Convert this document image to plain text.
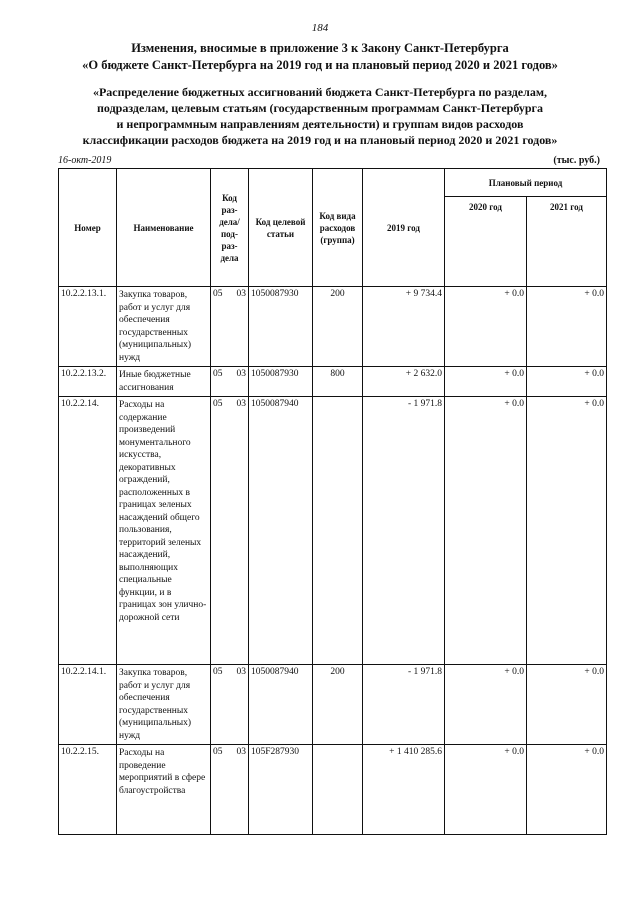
184
Изменения, вносимые в приложение 3 к Закону Санкт-Петербурга
«О бюджете Санкт-Петербурга на 2019 год и на плановый период 2020 и 2021 годов»
«Распределение бюджетных ассигнований бюджета Санкт-Петербурга по разделам,
подразделам, целевым статьям (государственным программам Санкт-Петербурга
и непрограммным направлениям деятельности) и группам видов расходов
классификации расходов бюджета на 2019 год и на плановый период 2020 и 2021 годов»
16-окт-2019	(тыс. руб.)
Номер	Наименование	Код раз- дела/ под- раз- дела	Код целевой статьи	Код вида расходов (группа)	2019 год	Плановый период	
						2020 год	2021 год
10.2.2.13.1.	Закупка товаров, работ и услуг для обеспечения государственных (муниципальных) нужд	05 03	1050087930	200	+ 9 734.4	+ 0.0	+ 0.0
10.2.2.13.2.	Иные бюджетные ассигнования	05 03	1050087930	800	+ 2 632.0	+ 0.0	+ 0.0
10.2.2.14.	Расходы на содержание произведений монументального искусства, декоративных ограждений, расположенных в границах зеленых насаждений общего пользования, территорий зеленых насаждений, выполняющих специальные функции, и в границах зон улично-дорожной сети	05 03	1050087940		- 1 971.8	+ 0.0	+ 0.0
10.2.2.14.1.	Закупка товаров, работ и услуг для обеспечения государственных (муниципальных) нужд	05 03	1050087940	200	- 1 971.8	+ 0.0	+ 0.0
10.2.2.15.	Расходы на проведение мероприятий в сфере благоустройства	05 03	105F287930		+ 1 410 285.6	+ 0.0	+ 0.0
